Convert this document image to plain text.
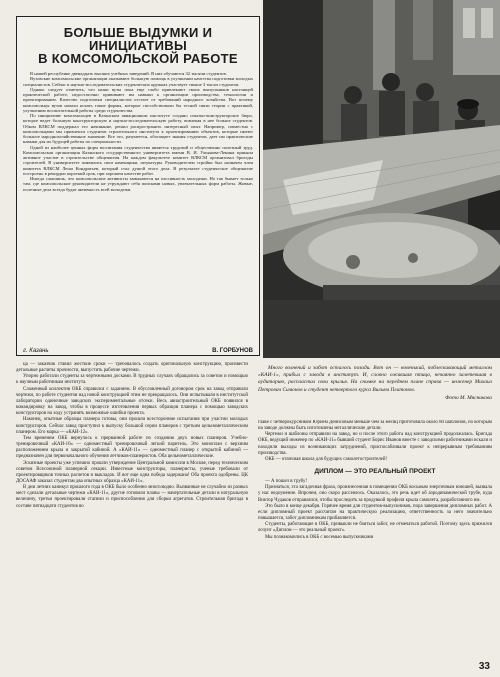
БОЛЬШЕ ВЫДУМКИ И
ИНИЦИАТИВЫ
В КОМСОМОЛЬСКОЙ РАБОТЕ

В нашей республике двенадцать высших учебных заведений. В них обучаются 32 тысячи студентов.

Вузовские комсомольские организации оказывают большую помощь в улучшении качества подготовки молодых специалистов. Сейчас в научно-исследовательских студенческих кружках участвует свыше 3 тысяч студентов.

Однако следует отметить, что наши вузы пока еще слабо привлекают своих выпускников настоящей практической работе, недостаточно прививают им навыки к организации производства, технологии и проектированию. Качество подготовки специалистов отстает от требований народного хозяйства. Вот почему комсомольцы вузов начали искать такие формы, которые способствовали бы тесной связи теории с практикой, улучшению воспитательной работы среди студенчества.

По инициативе комсомольцев в Казанском авиационном институте создано опытно-конструкторское бюро, которое ведет большую конструкторскую и научно-исследовательскую работу, вовлекая в нее больше студентов. Обком ВЛКСМ поддержал это начинание, решил распространить интересный опыт. Например, совместно с комсомольцами мы привлекли студентов строительного института к проектированию объектов, которые имеют большое народнохозяйственное значение. Все это, разумеется, обогащает знания студентов, дает им практические навыки для их будущей работы по специальности.

Одной из наиболее ценных форм воспитания студенчества является трудовой и общественно полезный труд. Комсомольская организация Казанского государственного университета имени В. И. Ульянова-Ленина приняла активное участие в строительстве общежития. На каждом факультете комитет ВЛКСМ организовал бригады строителей. В университете появились свои каменщики, штукатуры. Руководителем стройки был назначен член комитета ВЛКСМ Леша Кондратьев, который стал душой этого дела. В результате студенческое общежитие построено в рекордно короткий срок, при хорошем качестве работ.

Иногда слышишь, что комсомольские активисты замыкаются на пассивность молодежи. Но так бывает только там, где комсомольские руководители не утруждают себя поисками новых, увлекательных форм работы. Живые, полезные дела всегда будят активность всей молодежи.

г. Казань	В. ГОРБУНОВ
Много волнений и забот осталось позади. Вот он — новенький, поблескивающий металлом «КАИ-1», прибыл с завода в институт. И, словно ожившая птица, нечаянно залетевшая в аудиторию, распластал свои крылья. На снимке на переднем плане справа — инженер Михаил Петрович Симонов и студент четвертого курса Вильям Платонов.
Фото М. Мясникова

ца — заказчик ставил жесткие сроки — требовалось создать оригинальную конструкцию, произвести детальные расчеты прочности, выпустить рабочие чертежи.

Упорно работали студенты за чертежными досками. В трудных случаях обращались за советом и помощью к научным работникам института.

Слаженный коллектив ОКБ справился с заданием. В обусловленный договором срок на завод отправили чертежи, по работе студентов над новой конструкцией этим не прекращалось. Они испытывали в институтской лаборатории одиночные заводских экспериментальные отсеки. Весь авиастроительный ОКБ появился в командировку на завод, чтобы в процессе изготовления первых образцов планера с помощью заводских конструкторов на ходу устранять возможные ошибки проекта.

Наконец, опытные образцы планера готовы, они прошли всесторонние испытания при участии молодых конструкторов. Сейчас завод приступил к выпуску большой серии планеров с третьим цельнометаллическим планером. Его марка — «КАИ-12».

Тем временем ОКБ вернулось к прерванной работе по созданию двух новых планеров. Учебно-тренировочный «КАИ-10» — одноместный тренировочный легкий паритель. Это моноплан с верхним расположением крыла и закрытой кабиной. А «КАИ-11» — одноместный планер с открытой кабиной — предназначен для первоначального обучения летчиков-планеристов. Оба цельнометаллические.

Эскизные проекты уже успешно прошли утверждение Центральной комиссии в Москве, перед техническим советом Всесоюзной планерной секции. Известные конструкторы, планеристы, ученые требовали от проектировщиков точных расчетов и выкладок. И вот еще одна победа задержана! Оба проекта одобрены. ЦК ДОСААФ заказал студентам два опытных образца «КАИ-11».

В дни летних каникул прошлого года в ОКБ было особенно многолюдно. Вызванные не случайно из разных мест сделали детальные чертежи «КАИ-11», другие готовили планы — начертательные детали в натуральную величину, третьи проектировали стапели и приспособления для сборки агрегатов. Строительная бригада в составе пятнадцати студентов во

главе с четверокурсником Юрием Денисовым меньше чем за месяц приготовила около 80 шаблонов, по которым на заводе должны быть изготовлены металлические детали.

Чертежи и шаблоны отправили на завод, но и после этого работа над конструкцией продолжалась. Бригада ОКБ, ведущий инженер по «КАИ-11» бывший студент Борис Иванов вместе с заводскими работниками искали и находили выходы из возникающих затруднений, приспосабливали проект к непрерывным требованиям производства.

ОКБ — отличная школа для будущих самолетостроителей!

ДИПЛОМ — ЭТО РЕАЛЬНЫЙ ПРОЕКТ

— А пошел в трубу!

Признаться, эта загадочная фраза, произнесенная в помещении ОКБ восьмым энергичным юношей, вызвала у нас недоумение. Впрочем, оно скоро рассеялось. Оказалось, это речь идет об аэродинамической трубе, куда Виктор Чудаков отправлялся, чтобы проследить за продувкой профиля крыла самолета, разработанного им.

Это было в конце декабря. Горячее время для студентов-выпускников, пора завершения дипломных работ. А если дипломный проект рассчитан на практическую реализацию, ответственность за него значительно повышается, забот дипломникам прибавляется.

Студенты, работающие в ОКБ, привыкли не бояться забот, не отмечаться работой. Поэтому здесь прижился лозунг «Диплом — это реальный проект».

Мы познакомились в ОКБ с восемью выпускниками

33
